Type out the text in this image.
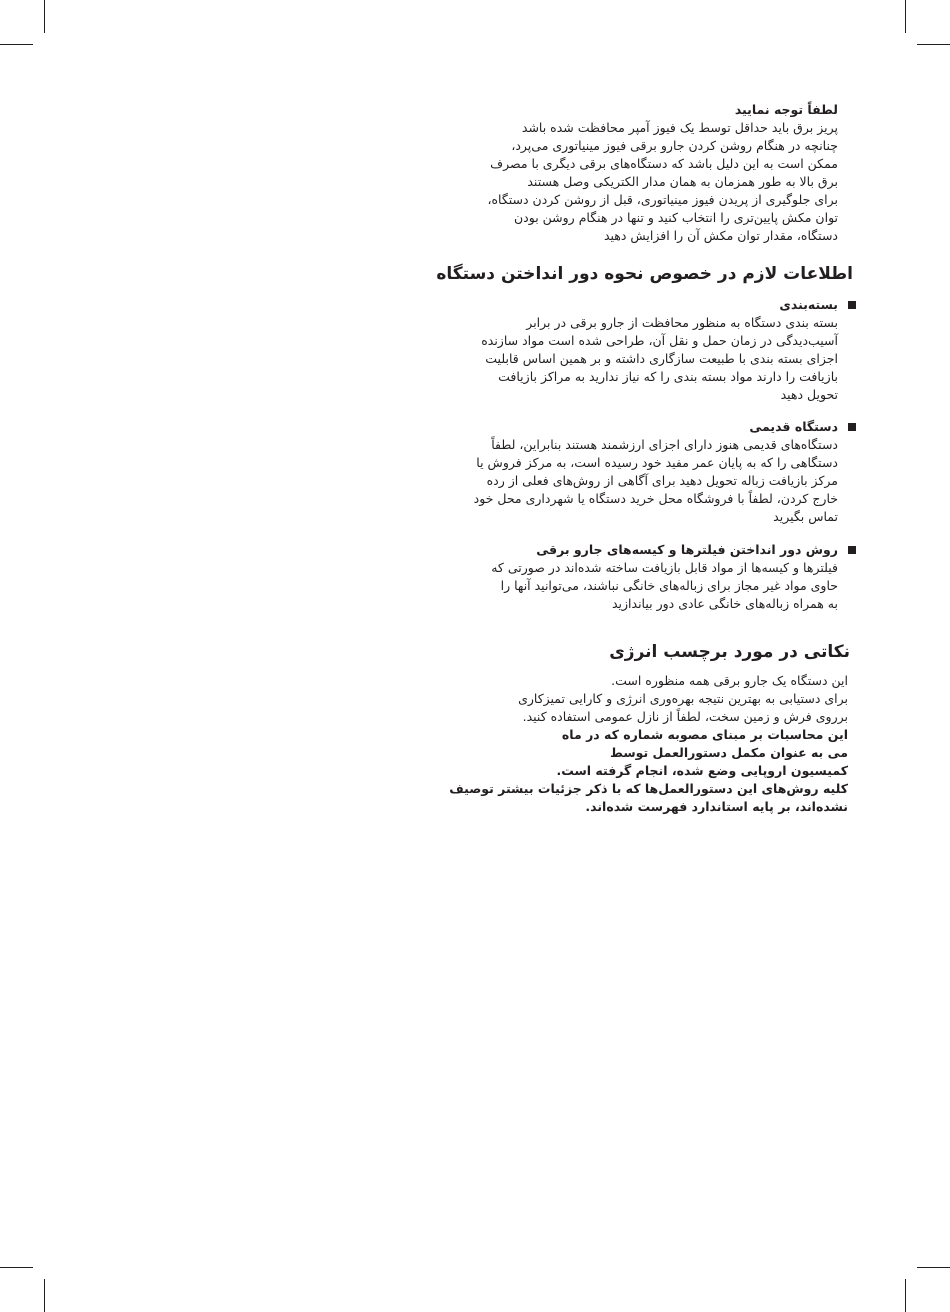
لطفاً توجه نمایید
پریز برق باید حداقل توسط یک فیوز آمپر محافظت شده باشد
چنانچه در هنگام روشن کردن جارو برقی فیوز مینیاتوری می‌پرد،
ممکن است به این دلیل باشد که دستگاه‌های برقی دیگری با مصرف
برق بالا به طور همزمان به همان مدار الکتریکی وصل هستند
برای جلوگیری از پریدن فیوز مینیاتوری، قبل از روشن کردن دستگاه،
توان مکش پایین‌تری را انتخاب کنید و تنها در هنگام روشن بودن
دستگاه، مقدار توان مکش آن را افزایش دهید
اطلاعات لازم در خصوص نحوه دور انداختن دستگاه
بسته‌بندی
بسته بندی دستگاه به منظور محافظت از جارو برقی در برابر
آسیب‌دیدگی در زمان حمل و نقل آن، طراحی شده است مواد سازنده
اجزای بسته بندی با طبیعت سازگاری داشته و بر همین اساس قابلیت
بازیافت را دارند مواد بسته بندی را که نیاز ندارید به مراکز بازیافت
تحویل دهید
دستگاه قدیمی
دستگاه‌های قدیمی هنوز دارای اجزای ارزشمند هستند بنابراین، لطفاً
دستگاهی را که به پایان عمر مفید خود رسیده است، به مرکز فروش یا
مرکز بازیافت زباله تحویل دهید برای آگاهی از روش‌های فعلی از رده
خارج کردن، لطفاً با فروشگاه محل خرید دستگاه یا شهرداری محل خود
تماس بگیرید
روش دور انداختن فیلترها و کیسه‌های جارو برقی
فیلترها و کیسه‌ها از مواد قابل بازیافت ساخته شده‌اند در صورتی که
حاوی مواد غیر مجاز برای زباله‌های خانگی نباشند، می‌توانید آنها را
به همراه زباله‌های خانگی عادی دور بیاندازید
نکاتی در مورد برچسب انرژی
این دستگاه یک جارو برقی همه منظوره است.
برای دستیابی به بهترین نتیجه بهره‌وری انرژی و کارایی تمیزکاری
برروی فرش و زمین سخت، لطفاً از نازل عمومی استفاده کنید.
این محاسبات بر مبنای مصوبه شماره که در ماه
می به عنوان مکمل دستورالعمل توسط
کمیسیون اروپایی وضع شده، انجام گرفته است.
کلیه روش‌های این دستورالعمل‌ها که با ذکر جزئیات بیشتر توصیف
نشده‌اند، بر پایه استاندارد فهرست شده‌اند.
